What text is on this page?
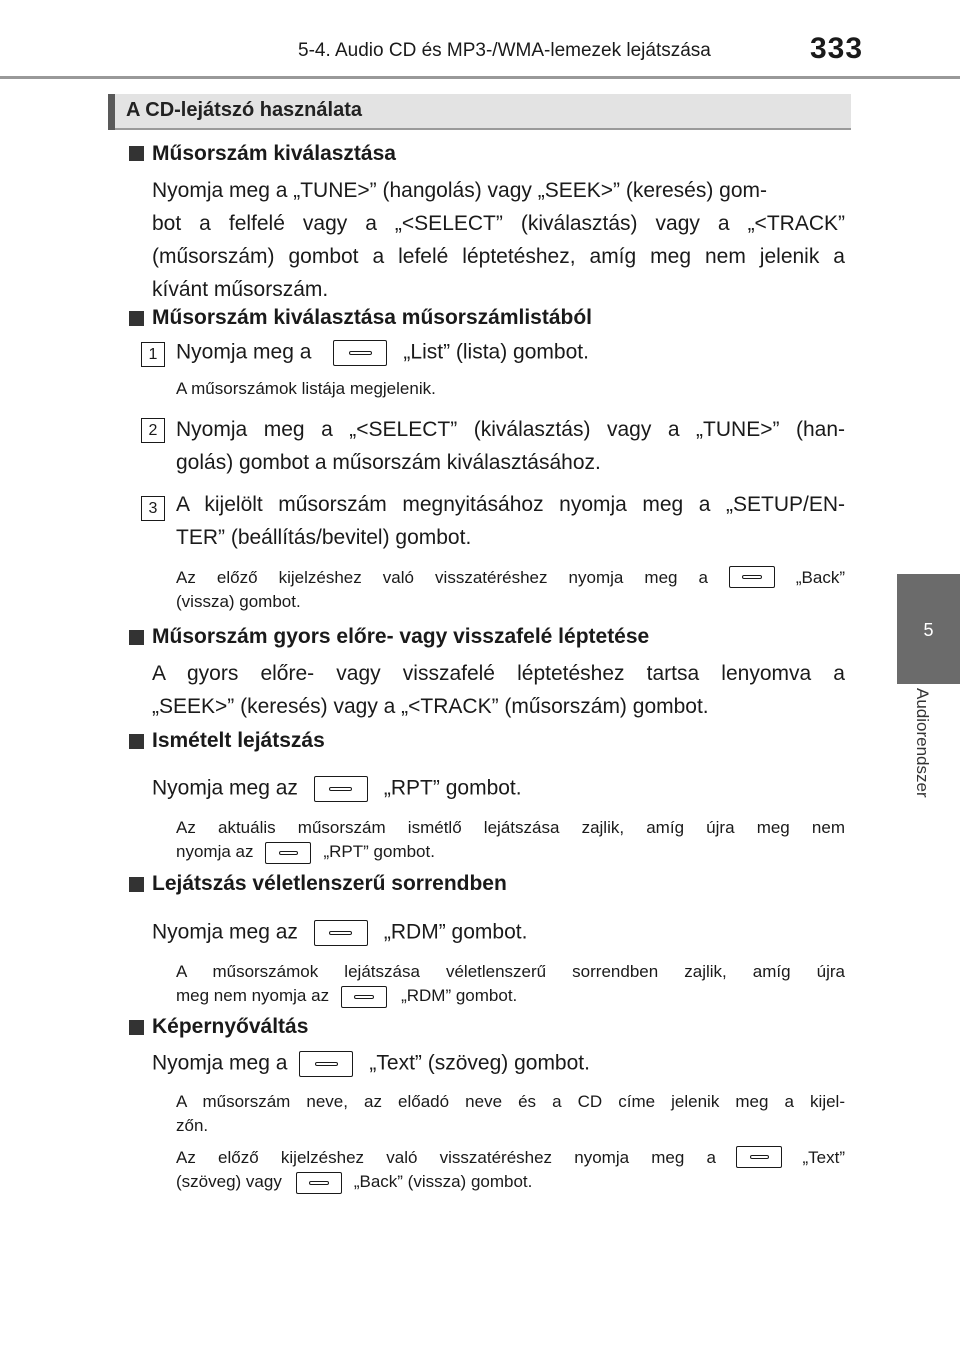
5-4. Audio CD és MP3-/WMA-lemezek lejátszása	333
5
Audiorendszer
A CD-lejátszó használata
Műsorszám kiválasztása
Nyomja meg a „TUNE>” (hangolás) vagy „SEEK>” (keresés) gom-
bot a felfelé vagy a „<SELECT” (kiválasztás) vagy a „<TRACK”
(műsorszám) gombot a lefelé léptetéshez, amíg meg nem jelenik a
kívánt műsorszám.
Műsorszám kiválasztása műsorszámlistából
1 Nyomja meg a	„List” (lista) gombot.
A műsorszámok listája megjelenik.
2 Nyomja meg a „<SELECT” (kiválasztás) vagy a „TUNE>” (han-
golás) gombot a műsorszám kiválasztásához.
3 A kijelölt műsorszám megnyitásához nyomja meg a „SETUP/EN-
TER” (beállítás/bevitel) gombot.
Az előző kijelzéshez való visszatéréshez nyomja meg a	„Back”
(vissza) gombot.
Műsorszám gyors előre- vagy visszafelé léptetése
A gyors előre- vagy visszafelé léptetéshez tartsa lenyomva a
„SEEK>” (keresés) vagy a „<TRACK” (műsorszám) gombot.
Ismételt lejátszás
Nyomja meg az	„RPT” gombot.
Az aktuális műsorszám ismétlő lejátszása zajlik, amíg újra meg nem
nyomja az	„RPT” gombot.
Lejátszás véletlenszerű sorrendben
Nyomja meg az	„RDM” gombot.
A műsorszámok lejátszása véletlenszerű sorrendben zajlik, amíg újra
meg nem nyomja az	„RDM” gombot.
Képernyőváltás
Nyomja meg a	„Text” (szöveg) gombot.
A műsorszám neve, az előadó neve és a CD címe jelenik meg a kijel-
zőn.
Az előző kijelzéshez való visszatéréshez nyomja meg a	„Text”
(szöveg) vagy	„Back” (vissza) gombot.
